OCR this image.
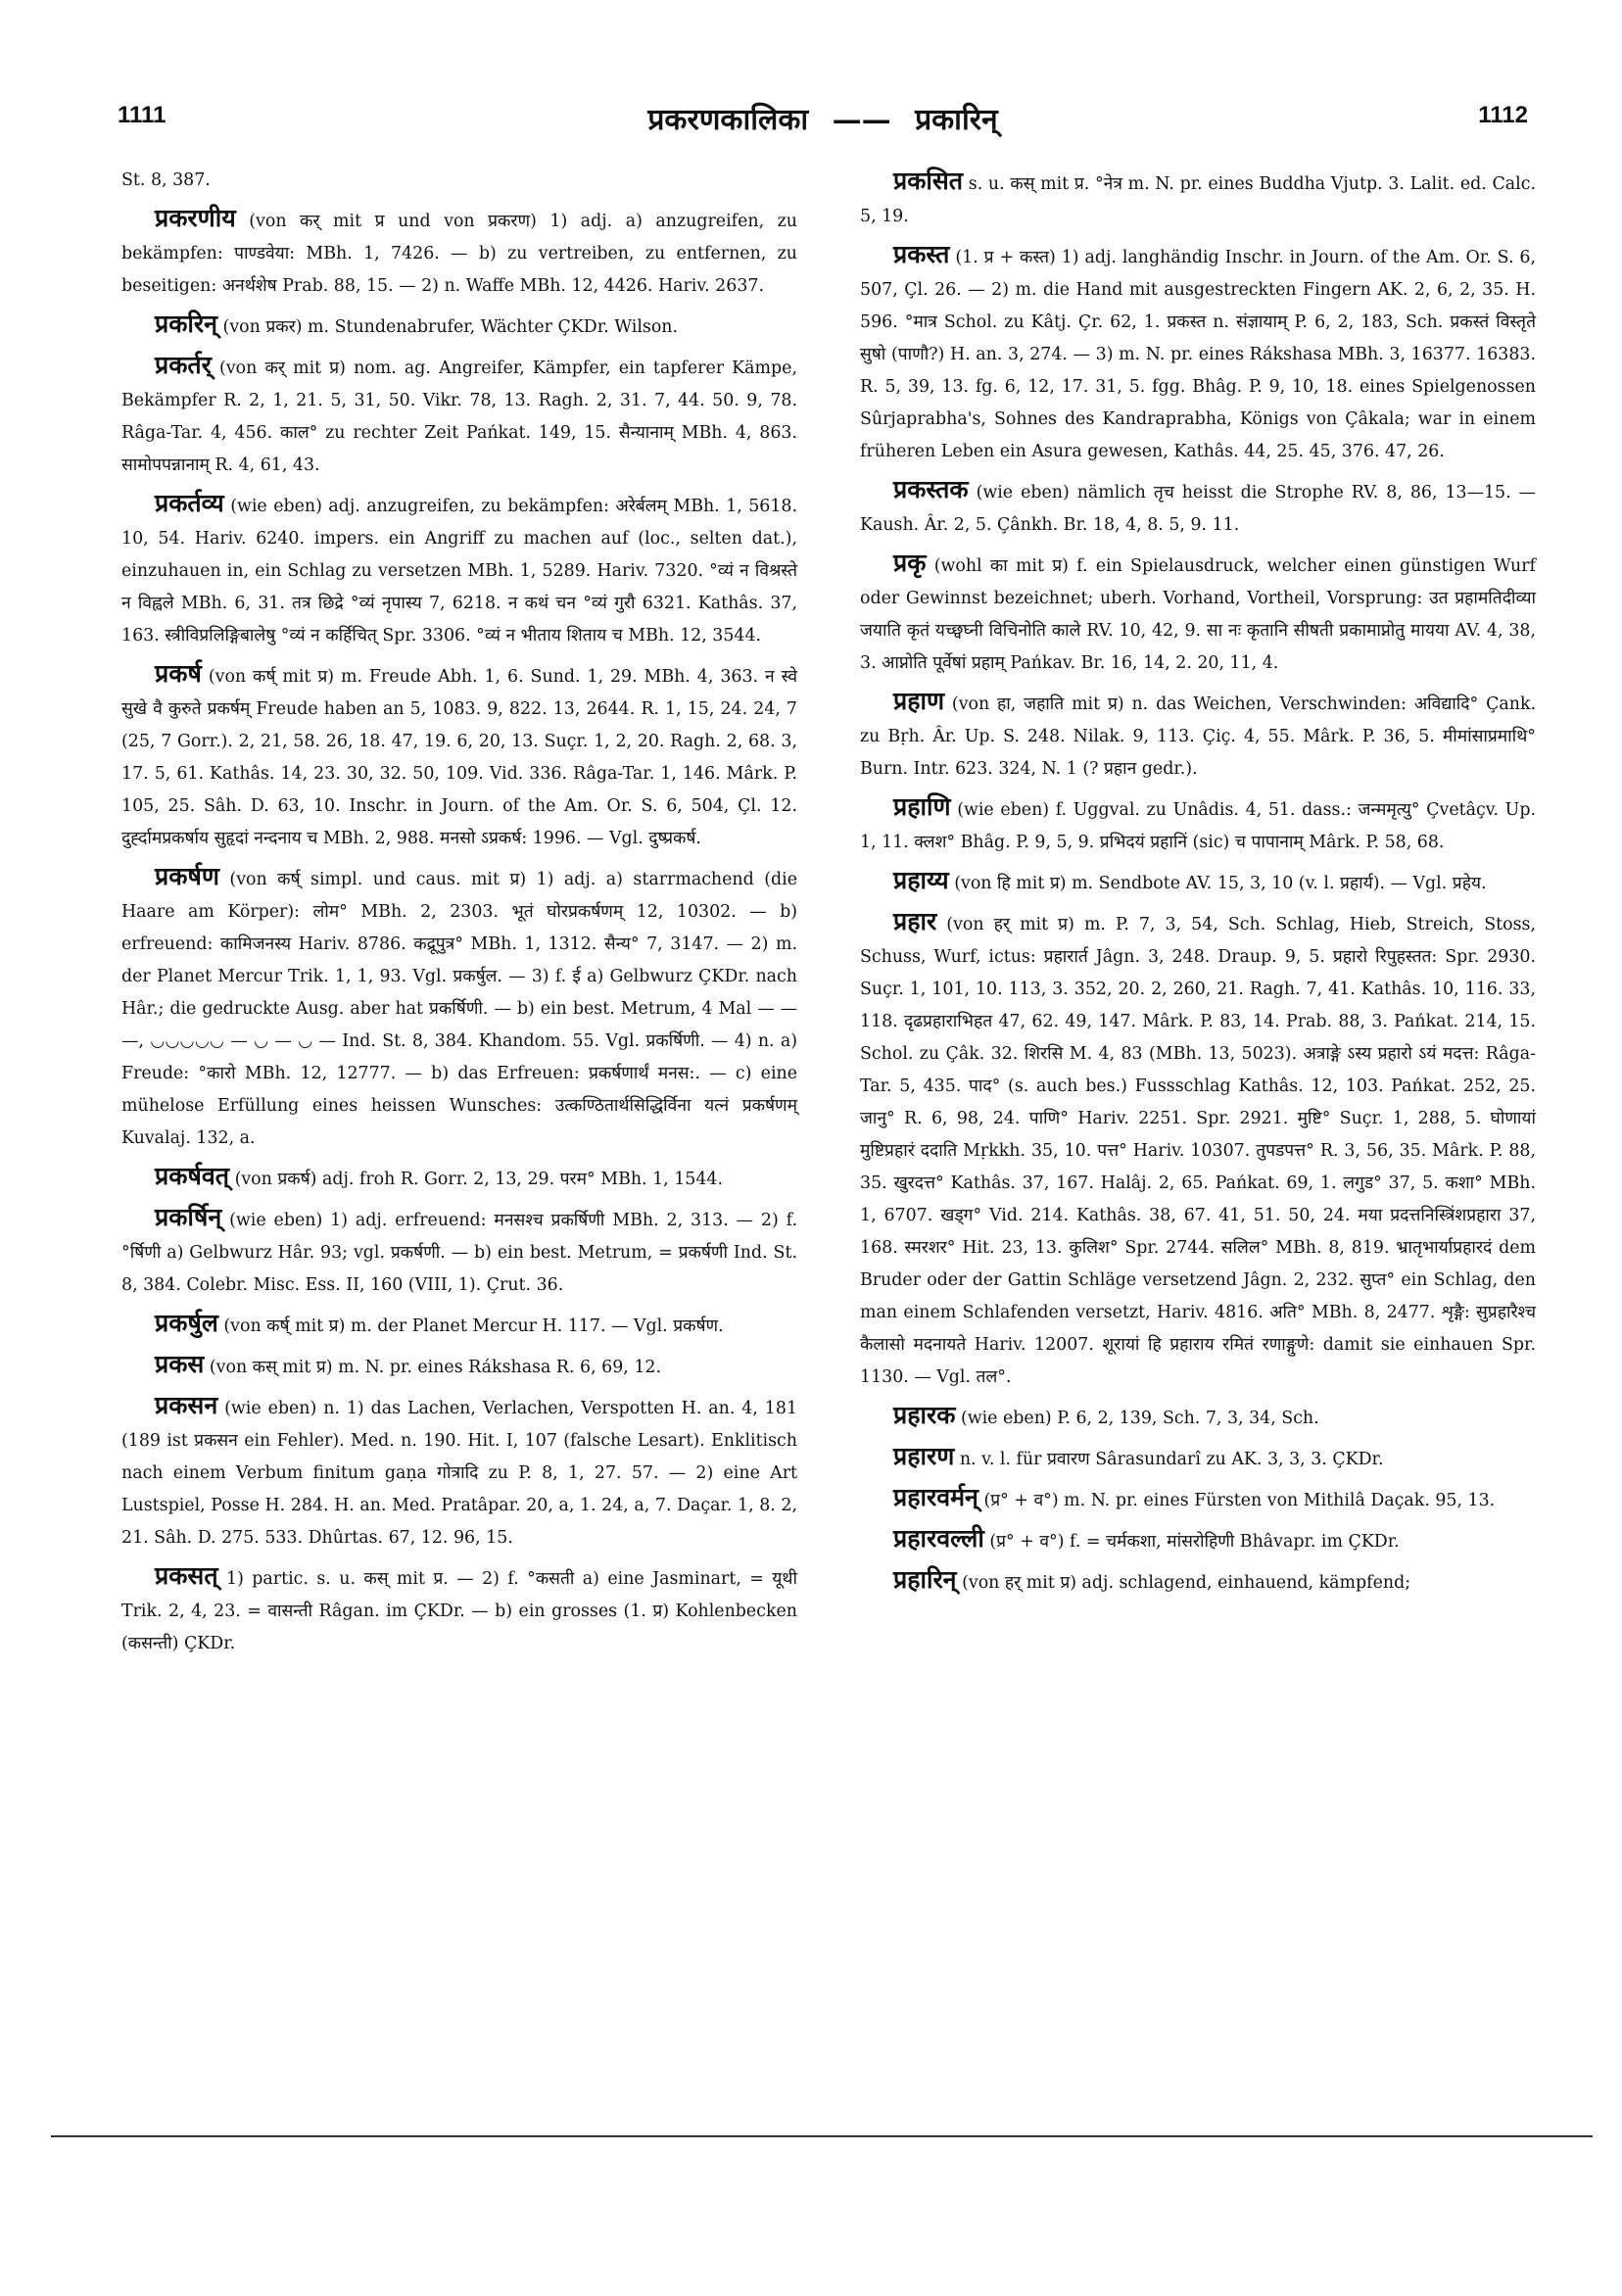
1111	प्रकरणकालिका —— प्रकारिन्	1112

St. 8, 387.

प्रकरणीय (von कर् mit प्र und von प्रकरण) 1) adj. a) anzugreifen, zu bekämpfen: पाण्डवेया: MBh. 1, 7426. — b) zu vertreiben, zu entfernen, zu beseitigen: अनर्थशेष Prab. 88, 15. — 2) n. Waffe MBh. 12, 4426. Hariv. 2637.

प्रकरिन् (von प्रकर) m. Stundenabrufer, Wächter ÇKDr. Wilson.

प्रकर्तर् (von कर् mit प्र) nom. ag. Angreifer, Kämpfer, ein tapferer Kämpe, Bekämpfer R. 2, 1, 21. 5, 31, 50. Vikr. 78, 13. Ragh. 2, 31. 7, 44. 50. 9, 78. Râga-Tar. 4, 456. काल° zu rechter Zeit Pańkat. 149, 15. सैन्यानाम् MBh. 4, 863. सामोपपन्नानाम् R. 4, 61, 43.

प्रकर्तव्य (wie eben) adj. anzugreifen, zu bekämpfen: अरेर्बलम् MBh. 1, 5618. 10, 54. Hariv. 6240. impers. ein Angriff zu machen auf (loc., selten dat.), einzuhauen in, ein Schlag zu versetzen MBh. 1, 5289. Hariv. 7320. °व्यं न विश्रस्ते न विह्वले MBh. 6, 31. तत्र छिद्रे °व्यं नृपास्य 7, 6218. न कथं चन °व्यं गुरौ 6321. Kathâs. 37, 163. स्त्रीविप्रलिङ्गिबालेषु °व्यं न कर्हिचित् Spr. 3306. °व्यं न भीताय शिताय च MBh. 12, 3544.

प्रकर्ष (von कर्ष् mit प्र) m. Freude Abh. 1, 6. Sund. 1, 29. MBh. 4, 363. न स्वे सुखे वै कुरुते प्रकर्षम् Freude haben an 5, 1083. 9, 822. 13, 2644. R. 1, 15, 24. 24, 7 (25, 7 Gorr.). 2, 21, 58. 26, 18. 47, 19. 6, 20, 13. Suçr. 1, 2, 20. Ragh. 2, 68. 3, 17. 5, 61. Kathâs. 14, 23. 30, 32. 50, 109. Vid. 336. Râga-Tar. 1, 146. Mârk. P. 105, 25. Sâh. D. 63, 10. Inschr. in Journ. of the Am. Or. S. 6, 504, Çl. 12. दुर्ह्दामप्रकर्षाय सुहृदां नन्दनाय च MBh. 2, 988. मनसो ऽप्रकर्ष: 1996. — Vgl. दुष्प्रकर्ष.

प्रकर्षण (von कर्ष् simpl. und caus. mit प्र) 1) adj. a) starrmachend (die Haare am Körper): लोम° MBh. 2, 2303. भूतं घोरप्रकर्षणम् 12, 10302. — b) erfreuend: कामिजनस्य Hariv. 8786. कद्रूपुत्र° MBh. 1, 1312. सैन्य° 7, 3147. — 2) m. der Planet Mercur Trik. 1, 1, 93. Vgl. प्रकर्षुल. — 3) f. ई a) Gelbwurz ÇKDr. nach Hâr.; die gedruckte Ausg. aber hat प्रकर्षिणी. — b) ein best. Metrum, 4 Mal — — —, ◡◡◡◡◡ — ◡ — ◡ — Ind. St. 8, 384. Khandom. 55. Vgl. प्रकर्षिणी. — 4) n. a) Freude: °कारो MBh. 12, 12777. — b) das Erfreuen: प्रकर्षणार्थं मनस:. — c) eine mühelose Erfüllung eines heissen Wunsches: उत्कण्ठितार्थसिद्धिर्विना यत्नं प्रकर्षणम् Kuvalaj. 132, a.

प्रकर्षवत् (von प्रकर्ष) adj. froh R. Gorr. 2, 13, 29. परम° MBh. 1, 1544.

प्रकर्षिन् (wie eben) 1) adj. erfreuend: मनसश्च प्रकर्षिणी MBh. 2, 313. — 2) f. °र्षिणी a) Gelbwurz Hâr. 93; vgl. प्रकर्षणी. — b) ein best. Metrum, = प्रकर्षणी Ind. St. 8, 384. Colebr. Misc. Ess. II, 160 (VIII, 1). Çrut. 36.

प्रकर्षुल (von कर्ष् mit प्र) m. der Planet Mercur H. 117. — Vgl. प्रकर्षण.

प्रकस (von कस् mit प्र) m. N. pr. eines Rákshasa R. 6, 69, 12.

प्रकसन (wie eben) n. 1) das Lachen, Verlachen, Verspotten H. an. 4, 181 (189 ist प्रकसन ein Fehler). Med. n. 190. Hit. I, 107 (falsche Lesart). Enklitisch nach einem Verbum finitum gaṇa गोत्रादि zu P. 8, 1, 27. 57. — 2) eine Art Lustspiel, Posse H. 284. H. an. Med. Pratâpar. 20, a, 1. 24, a, 7. Daçar. 1, 8. 2, 21. Sâh. D. 275. 533. Dhûrtas. 67, 12. 96, 15.

प्रकसत् 1) partic. s. u. कस् mit प्र. — 2) f. °कसती a) eine Jasminart, = यूथी Trik. 2, 4, 23. = वासन्ती Râgan. im ÇKDr. — b) ein grosses (1. प्र) Kohlenbecken (कसन्ती) ÇKDr.

प्रकसित s. u. कस् mit प्र. °नेत्र m. N. pr. eines Buddha Vjutp. 3. Lalit. ed. Calc. 5, 19.

प्रकस्त (1. प्र + कस्त) 1) adj. langhändig Inschr. in Journ. of the Am. Or. S. 6, 507, Çl. 26. — 2) m. die Hand mit ausgestreckten Fingern AK. 2, 6, 2, 35. H. 596. °मात्र Schol. zu Kâtj. Çr. 62, 1. प्रकस्त n. संज्ञायाम् P. 6, 2, 183, Sch. प्रकस्तं विस्तृते सुषो (पाणौ?) H. an. 3, 274. — 3) m. N. pr. eines Rákshasa MBh. 3, 16377. 16383. R. 5, 39, 13. fg. 6, 12, 17. 31, 5. fgg. Bhâg. P. 9, 10, 18. eines Spielgenossen Sûrjaprabha's, Sohnes des Kandraprabha, Königs von Çâkala; war in einem früheren Leben ein Asura gewesen, Kathâs. 44, 25. 45, 376. 47, 26.

प्रकस्तक (wie eben) nämlich तृच heisst die Strophe RV. 8, 86, 13—15. — Kaush. Âr. 2, 5. Çânkh. Br. 18, 4, 8. 5, 9. 11.

प्रकृ (wohl का mit प्र) f. ein Spielausdruck, welcher einen günstigen Wurf oder Gewinnst bezeichnet; uberh. Vorhand, Vortheil, Vorsprung: उत प्रहामतिदीव्या जयाति कृतं यच्छ्वघ्नी विचिनोति काले RV. 10, 42, 9. सा नः कृतानि सीषती प्रकामाप्नोतु मायया AV. 4, 38, 3. आप्नोति पूर्वेषां प्रहाम् Pańkav. Br. 16, 14, 2. 20, 11, 4.

प्रहाण (von हा, जहाति mit प्र) n. das Weichen, Verschwinden: अविद्यादि° Çank. zu Bṛh. Âr. Up. S. 248. Nilak. 9, 113. Çiç. 4, 55. Mârk. P. 36, 5. मीमांसाप्रमाथि° Burn. Intr. 623. 324, N. 1 (? प्रहान gedr.).

प्रहाणि (wie eben) f. Uggval. zu Unâdis. 4, 51. dass.: जन्ममृत्यु° Çvetâçv. Up. 1, 11. क्लश° Bhâg. P. 9, 5, 9. प्रभिदयं प्रहानिं (sic) च पापानाम् Mârk. P. 58, 68.

प्रहाय्य (von हि mit प्र) m. Sendbote AV. 15, 3, 10 (v. l. प्रहार्य). — Vgl. प्रहेय.

प्रहार (von हर् mit प्र) m. P. 7, 3, 54, Sch. Schlag, Hieb, Streich, Stoss, Schuss, Wurf, ictus: प्रहारार्त Jâgn. 3, 248. Draup. 9, 5. प्रहारो रिपुहस्तत: Spr. 2930. Suçr. 1, 101, 10. 113, 3. 352, 20. 2, 260, 21. Ragh. 7, 41. Kathâs. 10, 116. 33, 118. दृढप्रहाराभिहत 47, 62. 49, 147. Mârk. P. 83, 14. Prab. 88, 3. Pańkat. 214, 15. Schol. zu Çâk. 32. शिरसि M. 4, 83 (MBh. 13, 5023). अत्राङ्गे ऽस्य प्रहारो ऽयं मदत्त: Râga-Tar. 5, 435. पाद° (s. auch bes.) Fussschlag Kathâs. 12, 103. Pańkat. 252, 25. जानु° R. 6, 98, 24. पाणि° Hariv. 2251. Spr. 2921. मुष्टि° Suçr. 1, 288, 5. घोणायां मुष्टिप्रहारं ददाति Mṛkkh. 35, 10. पत्त° Hariv. 10307. तुपडपत्त° R. 3, 56, 35. Mârk. P. 88, 35. खुरदत्त° Kathâs. 37, 167. Halâj. 2, 65. Pańkat. 69, 1. लगुड° 37, 5. कशा° MBh. 1, 6707. खड्ग° Vid. 214. Kathâs. 38, 67. 41, 51. 50, 24. मया प्रदत्तनिस्त्रिंशप्रहारा 37, 168. स्मरशर° Hit. 23, 13. कुलिश° Spr. 2744. सलिल° MBh. 8, 819. भ्रातृभार्याप्रहारदं dem Bruder oder der Gattin Schläge versetzend Jâgn. 2, 232. सुप्त° ein Schlag, den man einem Schlafenden versetzt, Hariv. 4816. अति° MBh. 8, 2477. शृङ्गै: सुप्रहारैश्च कैलासो मदनायते Hariv. 12007. शूरायां हि प्रहाराय रमितं रणाङ्गुणे: damit sie einhauen Spr. 1130. — Vgl. तल°.

प्रहारक (wie eben) P. 6, 2, 139, Sch. 7, 3, 34, Sch.

प्रहारण n. v. l. für प्रवारण Sârasundarî zu AK. 3, 3, 3. ÇKDr.

प्रहारवर्मन् (प्र° + व°) m. N. pr. eines Fürsten von Mithilâ Daçak. 95, 13.

प्रहारवल्ली (प्र° + व°) f. = चर्मकशा, मांसरोहिणी Bhâvapr. im ÇKDr.

प्रहारिन् (von हर् mit प्र) adj. schlagend, einhauend, kämpfend;
